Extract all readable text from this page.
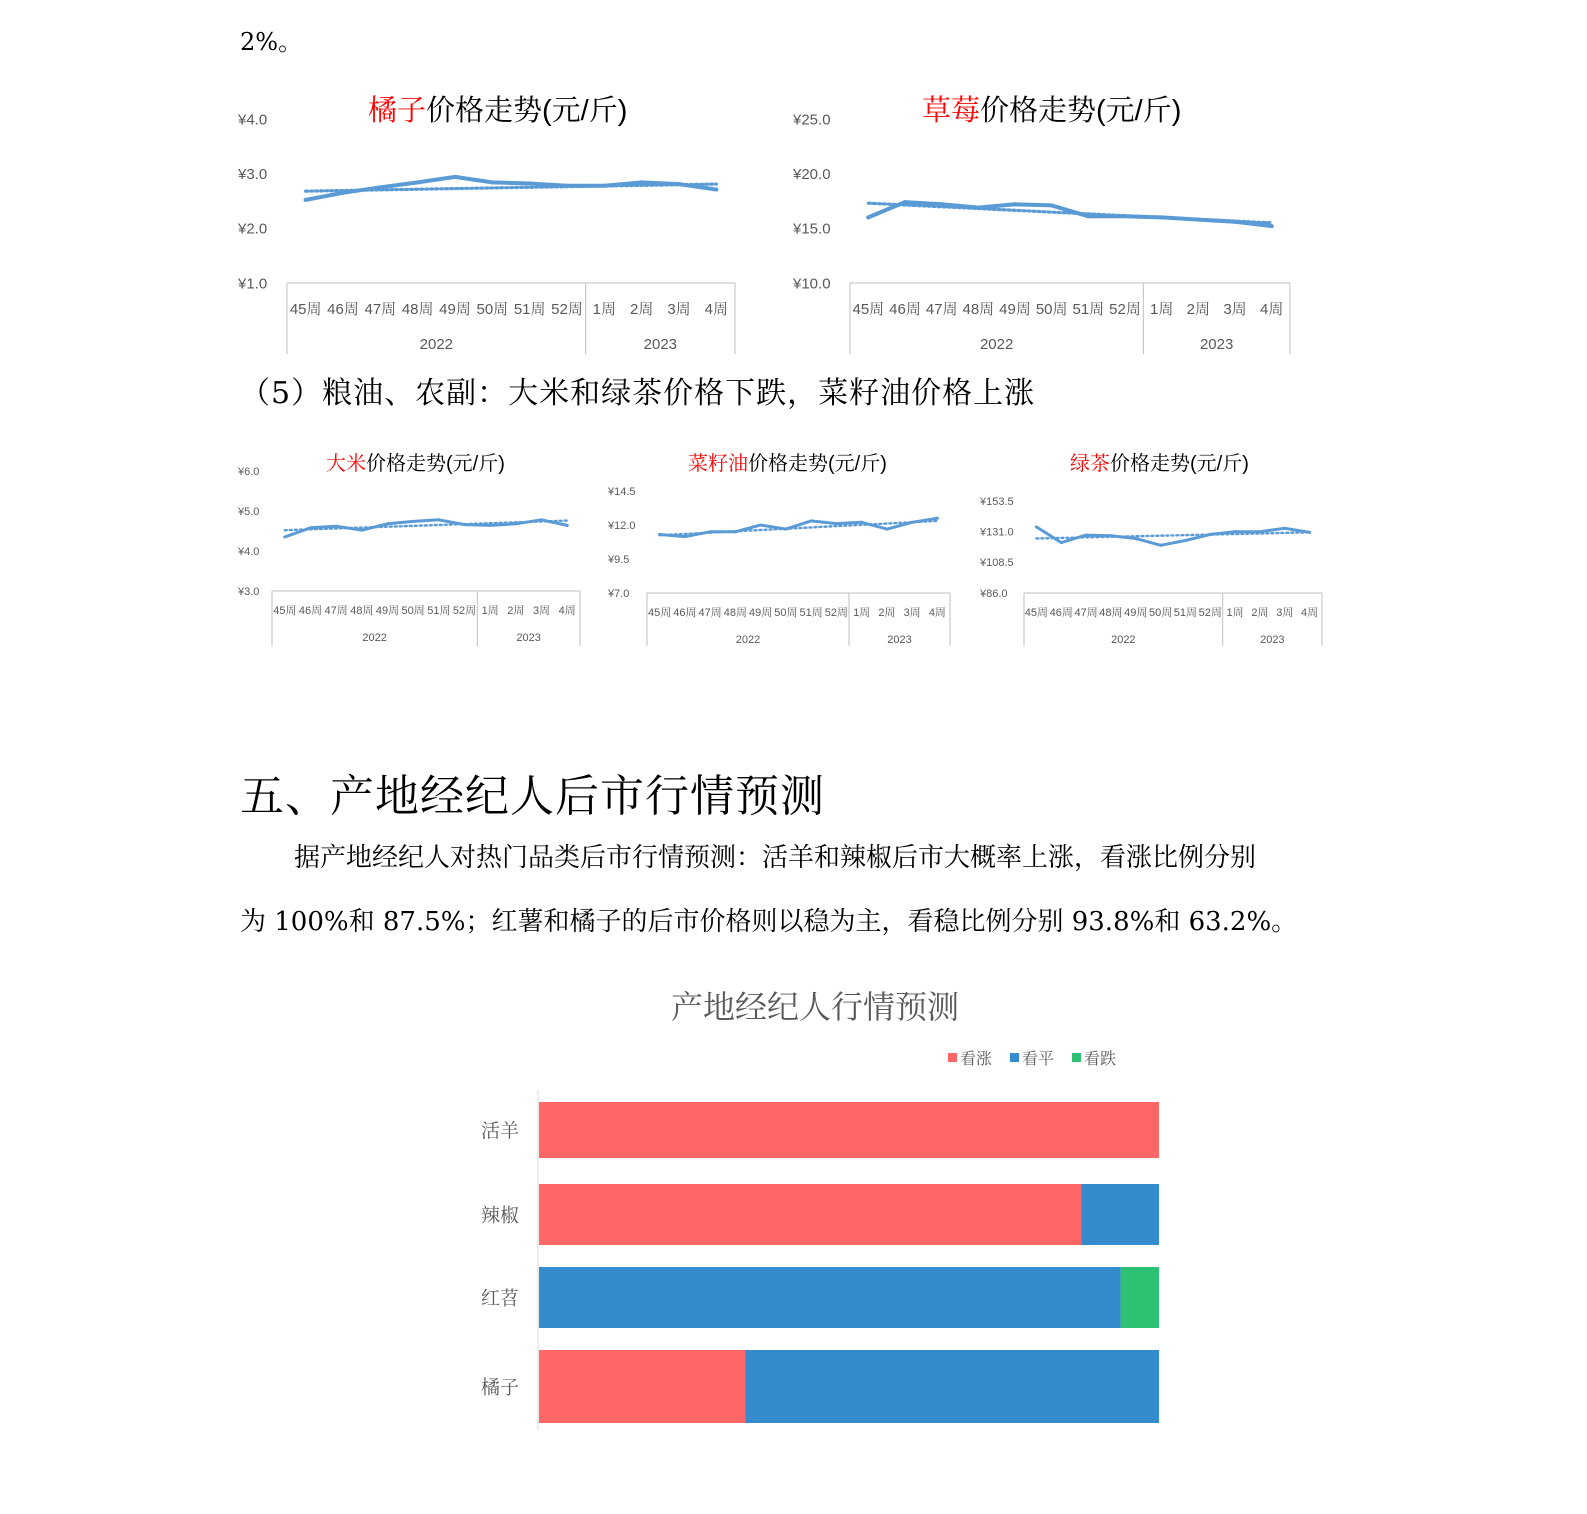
2%。
橘子价格走势(元/斤)
¥1.0
¥2.0
¥3.0
¥4.0
2022	2023
45周 46周 47周 48周 49周 50周 51周 52周 1周 2周 3周 4周
草莓价格走势(元/斤)
¥10.0
¥15.0
¥20.0
¥25.0
2022	2023
45周 46周 47周 48周 49周 50周 51周 52周 1周 2周 3周 4周
（5）粮油、农副：大米和绿茶价格下跌，菜籽油价格上涨
大米价格走势(元/斤)
¥3.0
¥4.0
¥5.0
¥6.0
2022	2023
45周 46周 47周 48周 49周 50周 51周 52周 1周 2周 3周 4周
菜籽油价格走势(元/斤)
¥7.0
¥9.5
¥12.0
¥14.5
2022	2023
45周 46周 47周 48周 49周 50周 51周 52周 1周 2周 3周 4周
绿茶价格走势(元/斤)
¥86.0
¥108.5
¥131.0
¥153.5
2022	2023
45周 46周 47周 48周 49周 50周 51周 52周 1周 2周 3周 4周
五、产地经纪人后市行情预测
据产地经纪人对热门品类后市行情预测：活羊和辣椒后市大概率上涨，看涨比例分别
为 100%和 87.5%；红薯和橘子的后市价格则以稳为主，看稳比例分别 93.8%和 63.2%。
产地经纪人行情预测
看涨 看平 看跌
活羊
辣椒
红苕
橘子
